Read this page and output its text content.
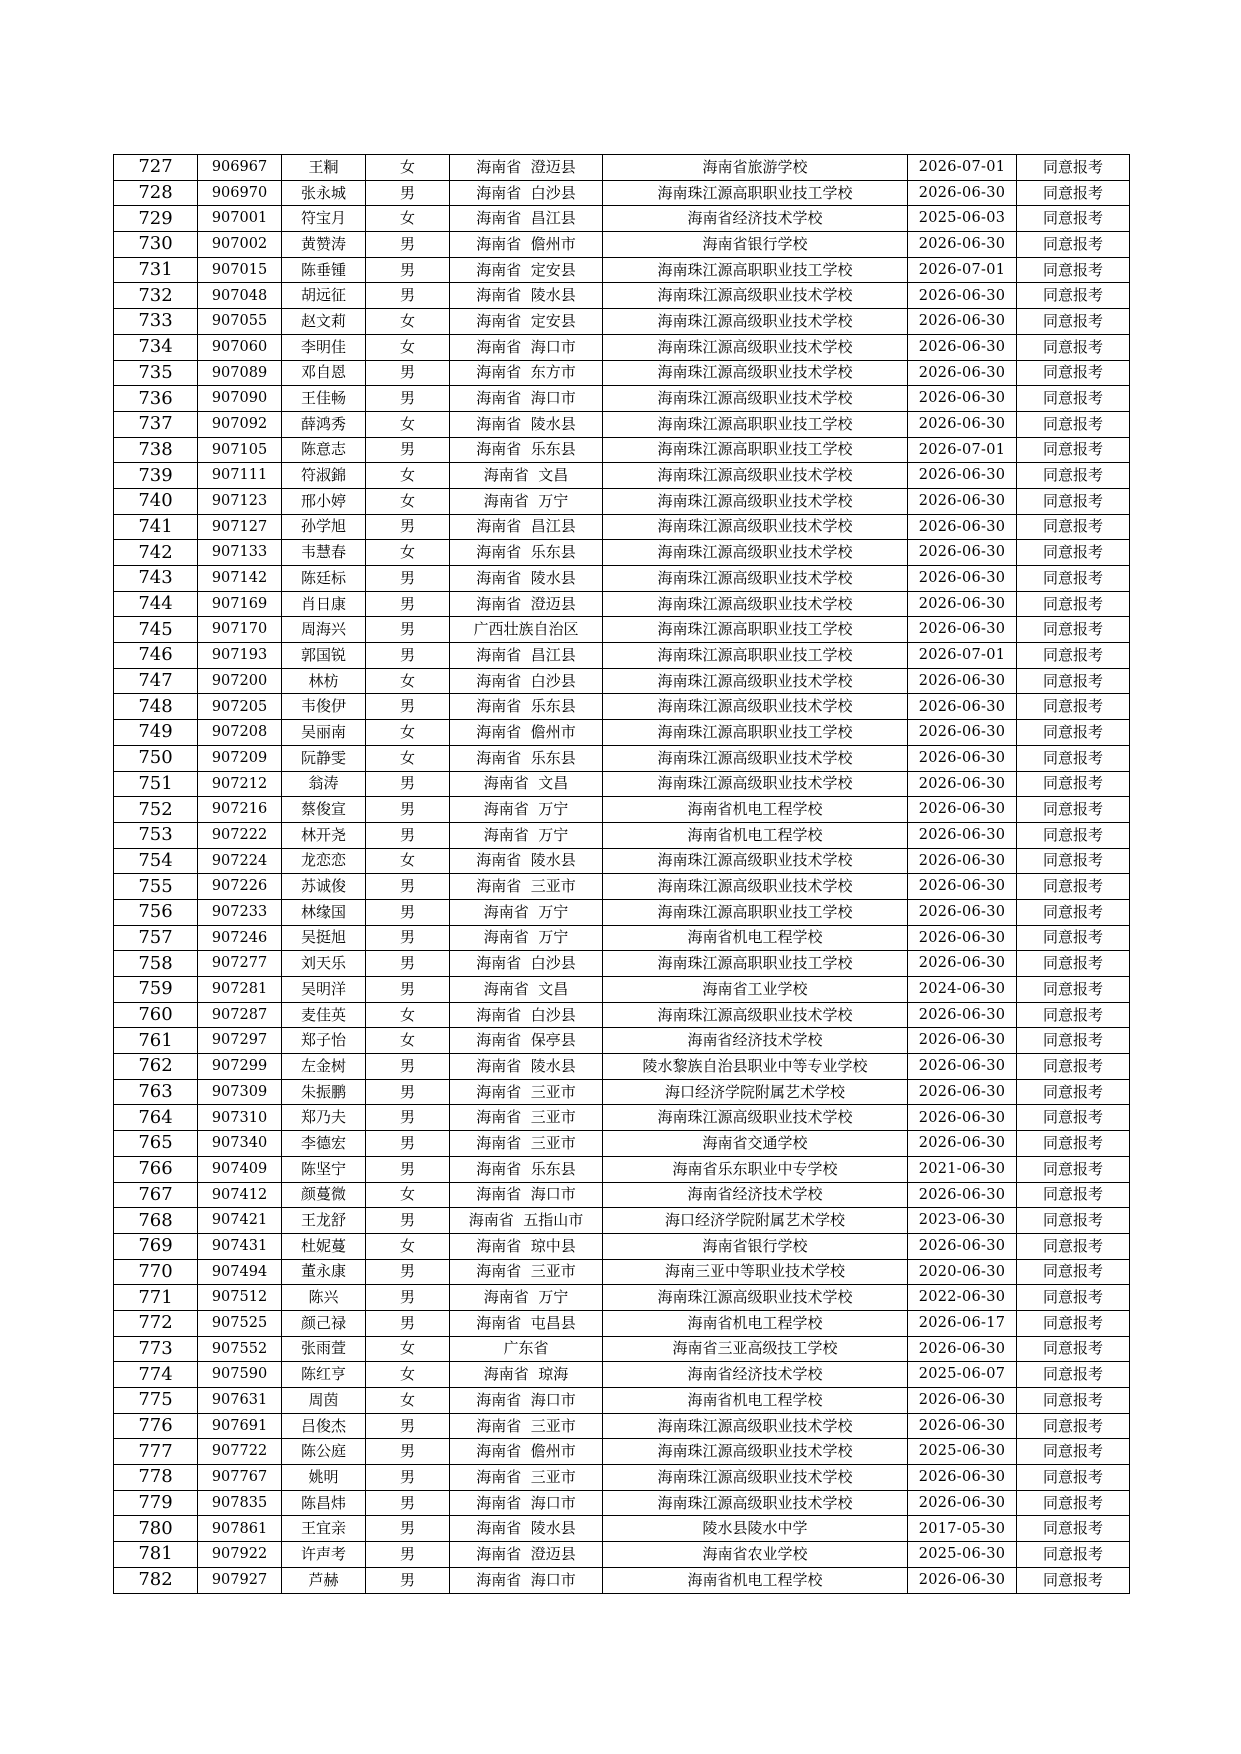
727	906967	王粡	女	海南省  澄迈县	海南省旅游学校	2026-07-01	同意报考
728	906970	张永城	男	海南省  白沙县	海南珠江源高职职业技工学校	2026-06-30	同意报考
729	907001	符宝月	女	海南省  昌江县	海南省经济技术学校	2025-06-03	同意报考
730	907002	黄赞涛	男	海南省  儋州市	海南省银行学校	2026-06-30	同意报考
731	907015	陈垂锺	男	海南省  定安县	海南珠江源高职职业技工学校	2026-07-01	同意报考
732	907048	胡远征	男	海南省  陵水县	海南珠江源高级职业技术学校	2026-06-30	同意报考
733	907055	赵文莉	女	海南省  定安县	海南珠江源高级职业技术学校	2026-06-30	同意报考
734	907060	李明佳	女	海南省  海口市	海南珠江源高级职业技术学校	2026-06-30	同意报考
735	907089	邓自恩	男	海南省  东方市	海南珠江源高级职业技术学校	2026-06-30	同意报考
736	907090	王佳畅	男	海南省  海口市	海南珠江源高级职业技术学校	2026-06-30	同意报考
737	907092	薛鸿秀	女	海南省  陵水县	海南珠江源高职职业技工学校	2026-06-30	同意报考
738	907105	陈意志	男	海南省  乐东县	海南珠江源高职职业技工学校	2026-07-01	同意报考
739	907111	符淑錦	女	海南省  文昌	海南珠江源高级职业技术学校	2026-06-30	同意报考
740	907123	邢小婷	女	海南省  万宁	海南珠江源高级职业技术学校	2026-06-30	同意报考
741	907127	孙学旭	男	海南省  昌江县	海南珠江源高级职业技术学校	2026-06-30	同意报考
742	907133	韦慧春	女	海南省  乐东县	海南珠江源高级职业技术学校	2026-06-30	同意报考
743	907142	陈廷标	男	海南省  陵水县	海南珠江源高级职业技术学校	2026-06-30	同意报考
744	907169	肖日康	男	海南省  澄迈县	海南珠江源高级职业技术学校	2026-06-30	同意报考
745	907170	周海兴	男	广西壮族自治区	海南珠江源高职职业技工学校	2026-06-30	同意报考
746	907193	郭国锐	男	海南省  昌江县	海南珠江源高职职业技工学校	2026-07-01	同意报考
747	907200	林枋	女	海南省  白沙县	海南珠江源高级职业技术学校	2026-06-30	同意报考
748	907205	韦俊伊	男	海南省  乐东县	海南珠江源高级职业技术学校	2026-06-30	同意报考
749	907208	吴丽南	女	海南省  儋州市	海南珠江源高职职业技工学校	2026-06-30	同意报考
750	907209	阮静雯	女	海南省  乐东县	海南珠江源高级职业技术学校	2026-06-30	同意报考
751	907212	翁涛	男	海南省  文昌	海南珠江源高级职业技术学校	2026-06-30	同意报考
752	907216	蔡俊宣	男	海南省  万宁	海南省机电工程学校	2026-06-30	同意报考
753	907222	林开尧	男	海南省  万宁	海南省机电工程学校	2026-06-30	同意报考
754	907224	龙恋恋	女	海南省  陵水县	海南珠江源高级职业技术学校	2026-06-30	同意报考
755	907226	苏诚俊	男	海南省  三亚市	海南珠江源高级职业技术学校	2026-06-30	同意报考
756	907233	林缘国	男	海南省  万宁	海南珠江源高职职业技工学校	2026-06-30	同意报考
757	907246	吴挺旭	男	海南省  万宁	海南省机电工程学校	2026-06-30	同意报考
758	907277	刘天乐	男	海南省  白沙县	海南珠江源高职职业技工学校	2026-06-30	同意报考
759	907281	吴明洋	男	海南省  文昌	海南省工业学校	2024-06-30	同意报考
760	907287	麦佳英	女	海南省  白沙县	海南珠江源高级职业技术学校	2026-06-30	同意报考
761	907297	郑子怡	女	海南省  保亭县	海南省经济技术学校	2026-06-30	同意报考
762	907299	左金树	男	海南省  陵水县	陵水黎族自治县职业中等专业学校	2026-06-30	同意报考
763	907309	朱振鹏	男	海南省  三亚市	海口经济学院附属艺术学校	2026-06-30	同意报考
764	907310	郑乃夫	男	海南省  三亚市	海南珠江源高级职业技术学校	2026-06-30	同意报考
765	907340	李德宏	男	海南省  三亚市	海南省交通学校	2026-06-30	同意报考
766	907409	陈坚宁	男	海南省  乐东县	海南省乐东职业中专学校	2021-06-30	同意报考
767	907412	颜蔓微	女	海南省  海口市	海南省经济技术学校	2026-06-30	同意报考
768	907421	王龙舒	男	海南省  五指山市	海口经济学院附属艺术学校	2023-06-30	同意报考
769	907431	杜妮蔓	女	海南省  琼中县	海南省银行学校	2026-06-30	同意报考
770	907494	董永康	男	海南省  三亚市	海南三亚中等职业技术学校	2020-06-30	同意报考
771	907512	陈兴	男	海南省  万宁	海南珠江源高级职业技术学校	2022-06-30	同意报考
772	907525	颜己禄	男	海南省  屯昌县	海南省机电工程学校	2026-06-17	同意报考
773	907552	张雨萱	女	广东省	海南省三亚高级技工学校	2026-06-30	同意报考
774	907590	陈红亨	女	海南省  琼海	海南省经济技术学校	2025-06-07	同意报考
775	907631	周茵	女	海南省  海口市	海南省机电工程学校	2026-06-30	同意报考
776	907691	吕俊杰	男	海南省  三亚市	海南珠江源高级职业技术学校	2026-06-30	同意报考
777	907722	陈公庭	男	海南省  儋州市	海南珠江源高级职业技术学校	2025-06-30	同意报考
778	907767	姚明	男	海南省  三亚市	海南珠江源高级职业技术学校	2026-06-30	同意报考
779	907835	陈昌炜	男	海南省  海口市	海南珠江源高级职业技术学校	2026-06-30	同意报考
780	907861	王宜亲	男	海南省  陵水县	陵水县陵水中学	2017-05-30	同意报考
781	907922	许声考	男	海南省  澄迈县	海南省农业学校	2025-06-30	同意报考
782	907927	芦赫	男	海南省  海口市	海南省机电工程学校	2026-06-30	同意报考
